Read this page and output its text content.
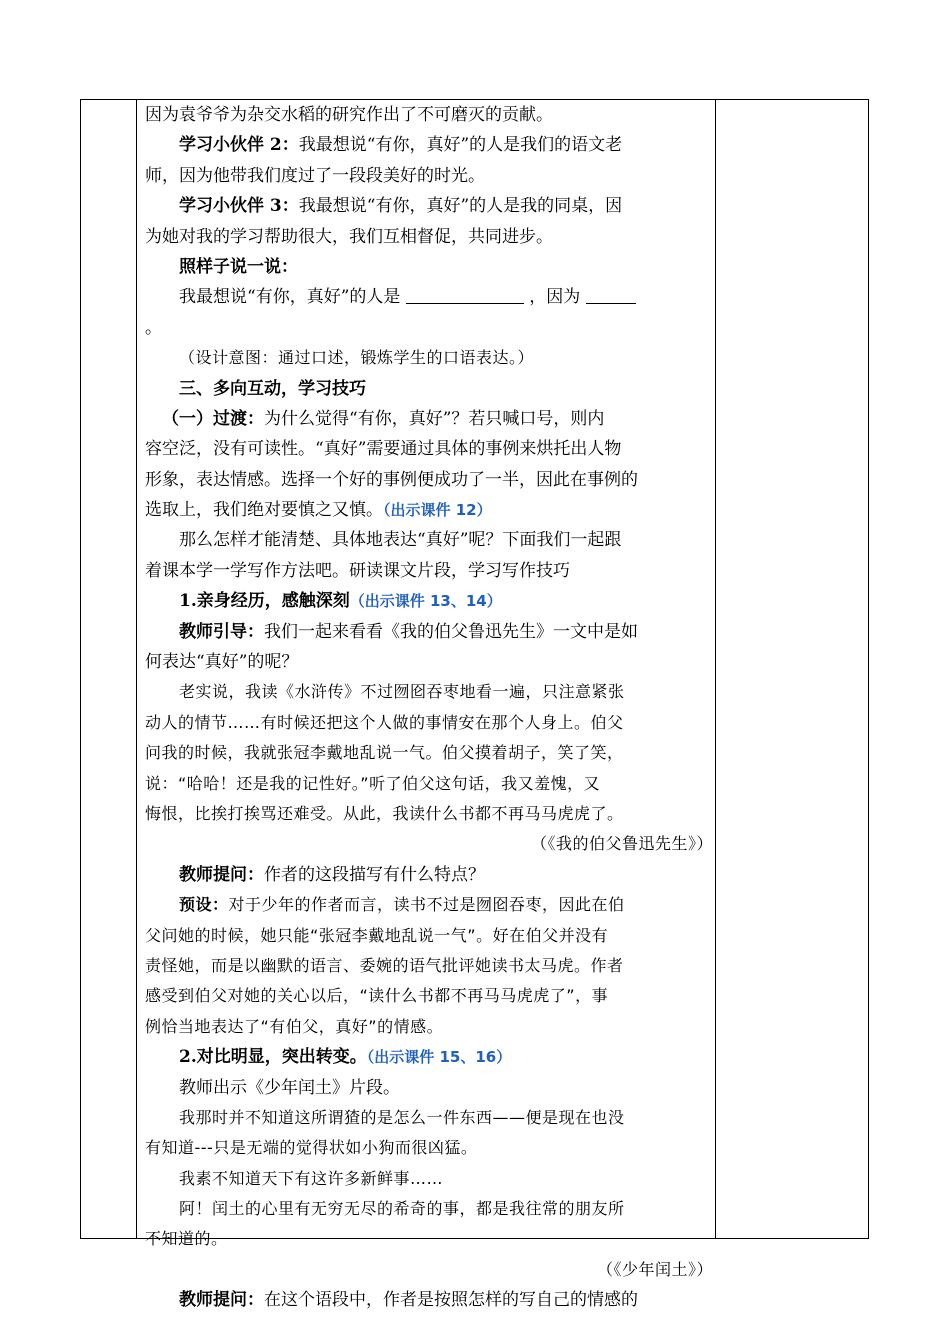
因为袁爷爷为杂交水稻的研究作出了不可磨灭的贡献。
学习小伙伴 2：我最想说“有你，真好”的人是我们的语文老
师，因为他带我们度过了一段段美好的时光。
学习小伙伴 3：我最想说“有你，真好”的人是我的同桌，因
为她对我的学习帮助很大，我们互相督促，共同进步。
照样子说一说：
我最想说“有你，真好”的人是	，因为
。
（设计意图：通过口述，锻炼学生的口语表达。）
三、多向互动，学习技巧
（一）过渡：为什么觉得“有你，真好”？若只喊口号，则内
容空泛，没有可读性。“真好”需要通过具体的事例来烘托出人物
形象，表达情感。选择一个好的事例便成功了一半，因此在事例的
选取上，我们绝对要慎之又慎。（出示课件 12）
那么怎样才能清楚、具体地表达“真好”呢？下面我们一起跟
着课本学一学写作方法吧。研读课文片段，学习写作技巧
1.亲身经历，感触深刻（出示课件 13、14）
教师引导：我们一起来看看《我的伯父鲁迅先生》一文中是如
何表达“真好”的呢？
老实说，我读《水浒传》不过囫囵吞枣地看一遍，只注意紧张
动人的情节……有时候还把这个人做的事情安在那个人身上。伯父
问我的时候，我就张冠李戴地乱说一气。伯父摸着胡子，笑了笑，
说：“哈哈！还是我的记性好。”听了伯父这句话，我又羞愧，又
悔恨，比挨打挨骂还难受。从此，我读什么书都不再马马虎虎了。
（《我的伯父鲁迅先生》）
教师提问：作者的这段描写有什么特点？
预设：对于少年的作者而言，读书不过是囫囵吞枣，因此在伯
父问她的时候，她只能“张冠李戴地乱说一气”。好在伯父并没有
责怪她，而是以幽默的语言、委婉的语气批评她读书太马虎。作者
感受到伯父对她的关心以后，“读什么书都不再马马虎虎了”，事
例恰当地表达了“有伯父，真好”的情感。
2.对比明显，突出转变。（出示课件 15、16）
教师出示《少年闰土》片段。
我那时并不知道这所谓猹的是怎么一件东西——便是现在也没
有知道---只是无端的觉得状如小狗而很凶猛。
我素不知道天下有这许多新鲜事……
阿！闰土的心里有无穷无尽的希奇的事，都是我往常的朋友所
不知道的。
（《少年闰土》）
教师提问：在这个语段中，作者是按照怎样的写自己的情感的
